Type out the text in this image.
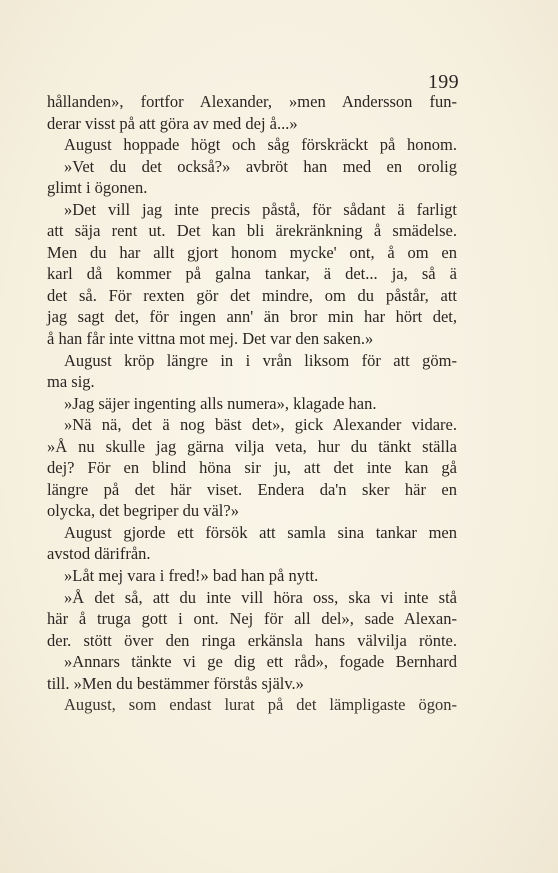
199
hållanden», fortfor Alexander, »men Andersson fun-
derar visst på att göra av med dej å...»
August hoppade högt och såg förskräckt på honom.
»Vet du det också?» avbröt han med en orolig
glimt i ögonen.
»Det vill jag inte precis påstå, för sådant ä farligt
att säja rent ut. Det kan bli ärekränkning å smädelse.
Men du har allt gjort honom mycke' ont, å om en
karl då kommer på galna tankar, ä det... ja, så ä
det så. För rexten gör det mindre, om du påstår, att
jag sagt det, för ingen ann' än bror min har hört det,
å han får inte vittna mot mej. Det var den saken.»
August kröp längre in i vrån liksom för att göm-
ma sig.
»Jag säjer ingenting alls numera», klagade han.
»Nä nä, det ä nog bäst det», gick Alexander vidare.
»Å nu skulle jag gärna vilja veta, hur du tänkt ställa
dej? För en blind höna sir ju, att det inte kan gå
längre på det här viset. Endera da'n sker här en
olycka, det begriper du väl?»
August gjorde ett försök att samla sina tankar men
avstod därifrån.
»Låt mej vara i fred!» bad han på nytt.
»Å det så, att du inte vill höra oss, ska vi inte stå
här å truga gott i ont. Nej för all del», sade Alexan-
der. stött över den ringa erkänsla hans välvilja rönte.
»Annars tänkte vi ge dig ett råd», fogade Bernhard
till. »Men du bestämmer förstås själv.»
August, som endast lurat på det lämpligaste ögon-
